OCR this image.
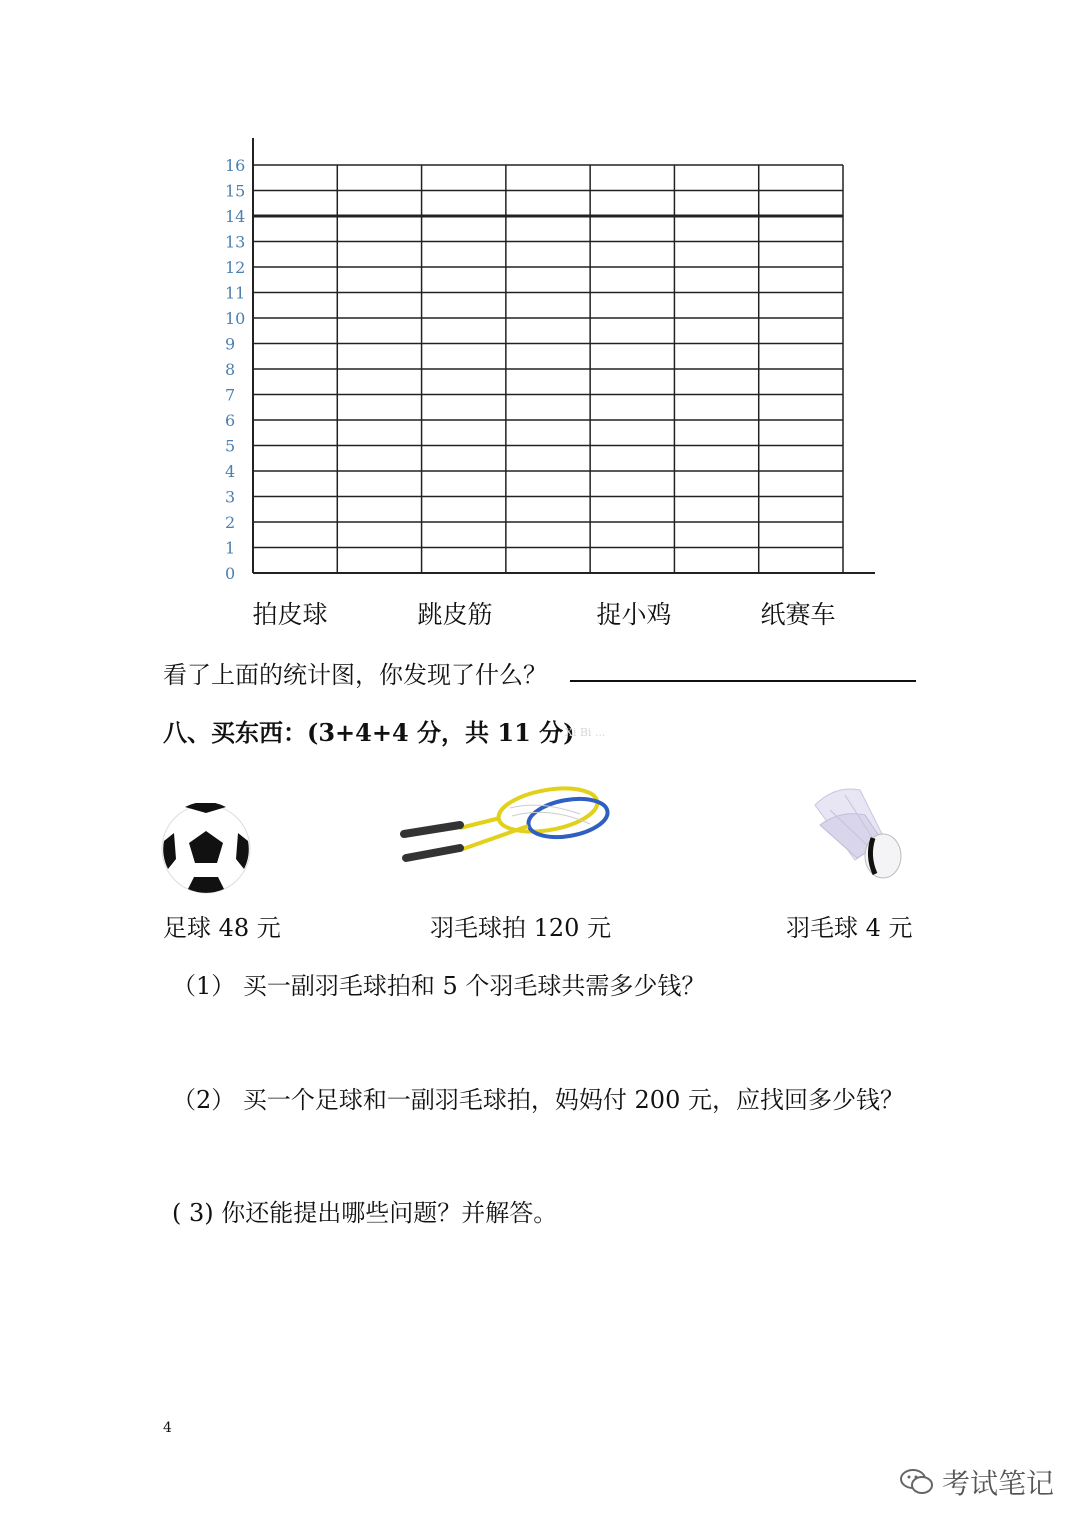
0
1
2
3
4
5
6
7
8
9
10
11
12
13
14
15
16
拍皮球	跳皮筋	捉小鸡	纸赛车
看了上面的统计图，你发现了什么？
八、买东西：(3+4+4 分，共 11 分)
Xi Bi ...
足球 48 元	羽毛球拍 120 元	羽毛球 4 元
（1） 买一副羽毛球拍和 5 个羽毛球共需多少钱？
（2） 买一个足球和一副羽毛球拍，妈妈付 200 元，应找回多少钱？
( 3) 你还能提出哪些问题？并解答。
4
考试笔记
